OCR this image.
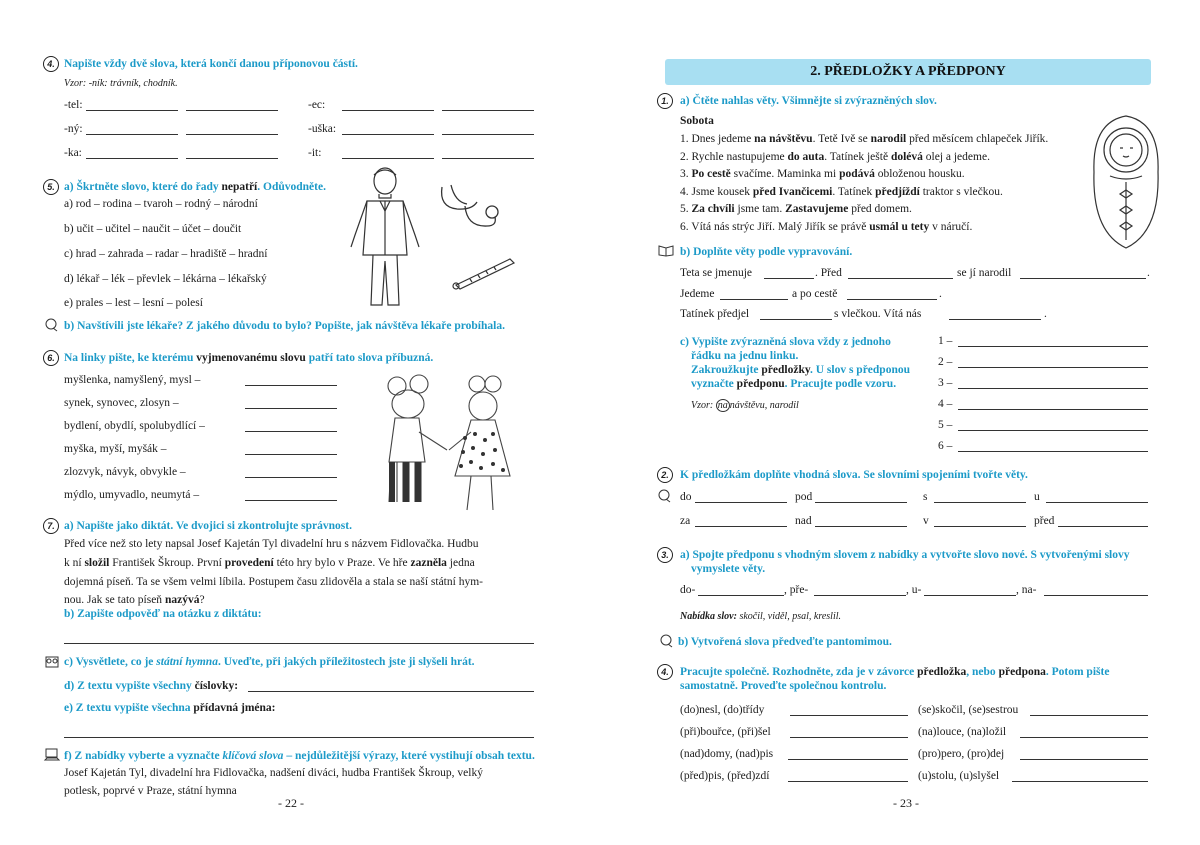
4. Napište vždy dvě slova, která končí danou příponovou částí.
Vzor: -ník: trávník, chodník.
-tel:	-ec:
-ný:	-uška:
-ka:	-it:
5. a) Škrtněte slovo, které do řady nepatří. Odůvodněte.
a) rod – rodina – tvaroh – rodný – národní
b) učit – učitel – naučit – účet – doučit
c) hrad – zahrada – radar – hradiště – hradní
d) lékař – lék – převlek – lékárna – lékařský
e) prales – lest – lesní – polesí
b) Navštívili jste lékaře? Z jakého důvodu to bylo? Popište, jak návštěva lékaře probíhala.
6. Na linky pište, ke kterému vyjmenovanému slovu patří tato slova příbuzná.
myšlenka, namyšlený, mysl –
synek, synovec, zlosyn –
bydlení, obydlí, spolubydlící –
myška, myší, myšák –
zlozvyk, návyk, obvykle –
mýdlo, umyvadlo, neumytá –
7. a) Napište jako diktát. Ve dvojici si zkontrolujte správnost.
Před více než sto lety napsal Josef Kajetán Tyl divadelní hru s názvem Fidlovačka. Hudbu
k ní složil František Škroup. První provedení této hry bylo v Praze. Ve hře zazněla jedna
dojemná píseň. Ta se všem velmi líbila. Postupem času zlidověla a stala se naší státní hym-
nou. Jak se tato píseň nazývá?
b) Zapište odpověď na otázku z diktátu:
c) Vysvětlete, co je státní hymna. Uveďte, při jakých příležitostech jste ji slyšeli hrát.
d) Z textu vypište všechny číslovky:
e) Z textu vypište všechna přídavná jména:
f) Z nabídky vyberte a vyznačte klíčová slova – nejdůležitější výrazy, které vystihují obsah textu.
Josef Kajetán Tyl, divadelní hra Fidlovačka, nadšení diváci, hudba František Škroup, velký
potlesk, poprvé v Praze, státní hymna
- 22 -
2. PŘEDLOŽKY A PŘEDPONY
1. a) Čtěte nahlas věty. Všimnějte si zvýrazněných slov.
Sobota
1. Dnes jedeme na návštěvu. Tetě Ivě se narodil před měsícem chlapeček Jiřík.
2. Rychle nastupujeme do auta. Tatínek ještě dolévá olej a jedeme.
3. Po cestě svačíme. Maminka mi podává obloženou housku.
4. Jsme kousek před Ivančicemi. Tatínek předjíždí traktor s vlečkou.
5. Za chvíli jsme tam. Zastavujeme před domem.
6. Vítá nás strýc Jiří. Malý Jiřík se právě usmál u tety v náručí.
b) Doplňte věty podle vypravování.
Teta se jmenuje	. Před	se jí narodil	.
Jedeme	a po cestě	.
Tatínek předjel	s vlečkou. Vítá nás	.
c) Vypište zvýrazněná slova vždy z jednoho
řádku na jednu linku.
Zakroužkujte předložky. U slov s předponou
vyznačte předponu. Pracujte podle vzoru.
Vzor: na návštěvu, narodil
1 –
2 –
3 –
4 –
5 –
6 –
2. K předložkám doplňte vhodná slova. Se slovními spojeními tvořte věty.
do	pod	s	u
za	nad	v	před
3. a) Spojte předponu s vhodným slovem z nabídky a vytvořte slovo nové. S vytvořenými slovy
vymyslete věty.
do-	, pře-	, u-	, na-
Nabídka slov: skočil, viděl, psal, kreslil.
b) Vytvořená slova předveďte pantomimou.
4. Pracujte společně. Rozhodněte, zda je v závorce předložka, nebo předpona. Potom pište
samostatně. Proveďte společnou kontrolu.
(do)nesl, (do)třídy	(se)skočil, (se)sestrou
(při)bouřce, (při)šel	(na)louce, (na)ložil
(nad)domy, (nad)pis	(pro)pero, (pro)dej
(před)pis, (před)zdí	(u)stolu, (u)slyšel
- 23 -
